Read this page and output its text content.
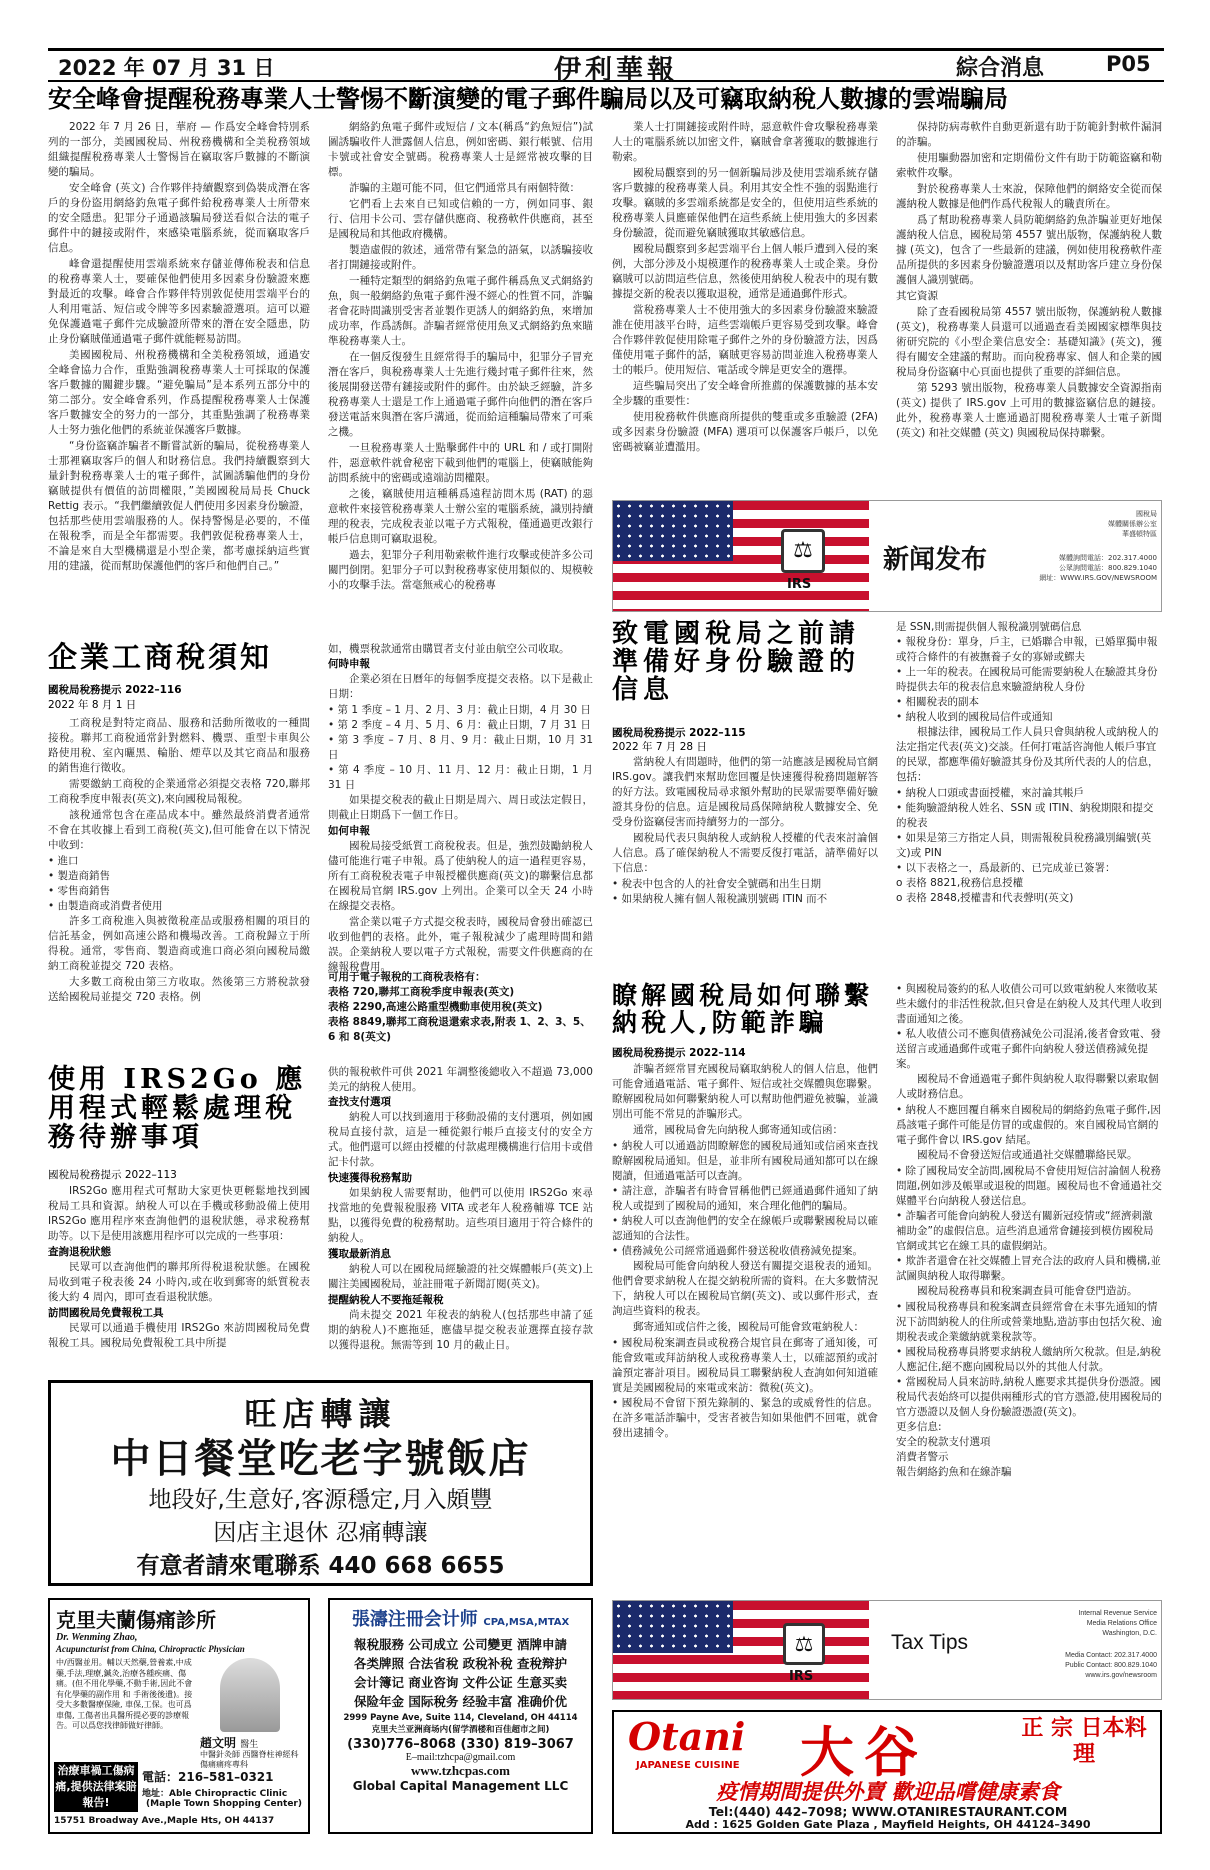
2022 年 07 月 31 日	伊利華報	綜合消息	P05
安全峰會提醒稅務專業人士警惕不斷演變的電子郵件騙局以及可竊取納稅人數據的雲端騙局

2022 年 7 月 26 日，華府 — 作爲安全峰會特別系列的一部分，美國國稅局、州稅務機構和全美稅務領域組織提醒稅務專業人士警惕旨在竊取客戶數據的不斷演變的騙局。

安全峰會 (英文) 合作夥伴持續觀察到偽裝成潛在客戶的身份盜用網絡釣魚電子郵件給稅務專業人士所帶來的安全隱患。犯罪分子通過該騙局發送看似合法的電子郵件中的鏈接或附件，來感染電腦系統，從而竊取客戶信息。

峰會還提醒使用雲端系統來存儲並傳佈稅表和信息的稅務專業人士，要確保他們使用多因素身份驗證來應對最近的攻擊。峰會合作夥伴特別敦促使用雲端平台的人利用電話、短信或令牌等多因素驗證選項。這可以避免保護過電子郵件完成驗證所帶來的潛在安全隱患，防止身份竊賊僅通過電子郵件就能輕易訪問。

美國國稅局、州稅務機構和全美稅務領域，通過安全峰會協力合作，重點強調稅務專業人士可採取的保護客戶數據的關鍵步驟。“避免騙局”是本系列五部分中的第二部分。安全峰會系列，作爲提醒稅務專業人士保護客戶數據安全的努力的一部分，其重點強調了稅務專業人士努力強化他們的系統並保護客戶數據。

“身份盜竊詐騙者不斷嘗試新的騙局，從稅務專業人士那裡竊取客戶的個人和財務信息。我們持續觀察到大量針對稅務專業人士的電子郵件，試圖誘騙他們的身份竊賊提供有價值的訪問權限，”美國國稅局局長 Chuck Rettig 表示。“我們繼續敦促人們使用多因素身份驗證，包括那些使用雲端服務的人。保持警惕是必要的，不僅在報稅季，而是全年都需要。我們敦促稅務專業人士，不論是來自大型機構還是小型企業，都考慮採納這些實用的建議，從而幫助保護他們的客戶和他們自己。”

網絡釣魚電子郵件或短信 / 文本(稱爲“釣魚短信”)試圖誘騙收件人泄露個人信息，例如密碼、銀行帳號、信用卡號或社會安全號碼。稅務專業人士是經常被攻擊的目標。

詐騙的主題可能不同，但它們通常具有兩個特徵：

它們看上去來自已知或信賴的一方，例如同事、銀行、信用卡公司、雲存儲供應商、稅務軟件供應商，甚至是國稅局和其他政府機構。

製造虛假的敘述，通常帶有緊急的語氣，以誘騙接收者打開鏈接或附件。

一種特定類型的網絡釣魚電子郵件稱爲魚叉式網絡釣魚，與一般網絡釣魚電子郵件漫不經心的性質不同，詐騙者會花時間識別受害者並製作更誘人的網絡釣魚，來增加成功率，作爲誘餌。詐騙者經常使用魚叉式網絡釣魚來瞄準稅務專業人士。

在一個反復發生且經常得手的騙局中，犯罪分子冒充潛在客戶，與稅務專業人士先進行幾封電子郵件往來，然後展開發送帶有鏈接或附件的郵件。由於缺乏經驗，許多稅務專業人士還是工作上通過電子郵件向他們的潛在客戶發送電話來與潛在客戶溝通，從而給這種騙局帶來了可乘之機。

一旦稅務專業人士點擊郵件中的 URL 和 / 或打開附件，惡意軟件就會秘密下載到他們的電腦上，使竊賊能夠訪問系統中的密碼或遠端訪問權限。

之後，竊賊使用這種稱爲遠程訪問木馬 (RAT) 的惡意軟件來接管稅務專業人士辦公室的電腦系統，識別持續理的稅表，完成稅表並以電子方式報稅，僅通過更改銀行帳戶信息則可竊取退稅。

過去，犯罪分子利用勒索軟件進行攻擊或使許多公司關門倒閉。犯罪分子可以對稅務專家使用類似的、規模較小的攻擊手法。當毫無戒心的稅務專

業人士打開鏈接或附件時，惡意軟件會攻擊稅務專業人士的電腦系統以加密文件，竊賊會拿著獲取的數據進行勒索。

國稅局觀察到的另一個新騙局涉及使用雲端系統存儲客戶數據的稅務專業人員。利用其安全性不強的弱點進行攻擊。竊賊的多雲端系統都是安全的，但使用這些系統的稅務專業人員應確保他們在這些系統上使用強大的多因素身份驗證，從而避免竊賊獲取其敏感信息。

國稅局觀察到多起雲端平台上個人帳戶遭到入侵的案例，大部分涉及小規模運作的稅務專業人士或企業。身份竊賊可以訪問這些信息，然後使用納稅人稅表中的現有數據提交新的稅表以獲取退稅，通常是通過郵件形式。

當稅務專業人士不使用強大的多因素身份驗證來驗證誰在使用該平台時，這些雲端帳戶更容易受到攻擊。峰會合作夥伴敦促使用除電子郵件之外的身份驗證方法，因爲僅使用電子郵件的話，竊賊更容易訪問並進入稅務專業人士的帳戶。使用短信、電話或令牌是更安全的選擇。

這些騙局突出了安全峰會所推薦的保護數據的基本安全步驟的重要性：

使用稅務軟件供應商所提供的雙重或多重驗證 (2FA) 或多因素身份驗證 (MFA) 選項可以保護客戶帳戶，以免密碼被竊並遭濫用。

保持防病毒軟件自動更新還有助于防範針對軟件漏洞的詐騙。

使用驅動器加密和定期備份文件有助于防範盜竊和勒索軟件攻擊。

對於稅務專業人士來說，保障他們的網絡安全從而保護納稅人數據是他們作爲代稅報人的職責所在。

爲了幫助稅務專業人員防範網絡釣魚詐騙並更好地保護納稅人信息，國稅局第 4557 號出版物，保護納稅人數據 (英文)，包含了一些最新的建議，例如使用稅務軟件產品所提供的多因素身份驗證選項以及幫助客戶建立身份保護個人識別號碼。

其它資源

除了查看國稅局第 4557 號出版物，保護納稅人數據 (英文)，稅務專業人員還可以通過查看美國國家標準與技術研究院的《小型企業信息安全：基礎知識》(英文)，獲得有關安全建議的幫助。而向稅務專家、個人和企業的國稅局身份盜竊中心頁面也提供了重要的詳細信息。

第 5293 號出版物，稅務專業人員數據安全資源指南 (英文) 提供了 IRS.gov 上可用的數據盜竊信息的鏈接。此外，稅務專業人士應通過訂閱稅務專業人士電子新聞 (英文) 和社交媒體 (英文) 與國稅局保持聯繫。

⚖
IRS
新闻发布
國稅局
媒體關係辦公室
華盛頓特區
媒體詢問電話：202.317.4000
公眾詢問電話：800.829.1040
網址：WWW.IRS.GOV/NEWSROOM
企業工商稅須知
國稅局稅務提示 2022–116
2022 年 8 月 1 日

工商稅是對特定商品、服務和活動所徵收的一種間接稅。聯邦工商稅通常針對燃料、機票、重型卡車與公路使用稅、室內曬黑、輪胎、煙草以及其它商品和服務的銷售進行徵收。

需要繳納工商稅的企業通常必須提交表格 720,聯邦工商稅季度申報表(英文),來向國稅局報稅。

該稅通常包含在產品成本中。雖然最終消費者通常不會在其收據上看到工商稅(英文),但可能會在以下情況中收到：

• 進口
• 製造商銷售
• 零售商銷售
• 由製造商或消費者使用

許多工商稅進入與被徵稅產品或服務相關的項目的信託基金，例如高速公路和機場改善。工商稅歸立于所得稅。通常，零售商、製造商或進口商必須向國稅局繳納工商稅並提交 720 表格。

大多數工商稅由第三方收取。然後第三方將稅款發送給國稅局並提交 720 表格。例

如，機票稅款通常由購買者支付並由航空公司收取。
何時申報

企業必須在日曆年的每個季度提交表格。以下是截止日期：

• 第 1 季度 – 1 月、2 月、3 月：截止日期，4 月 30 日
• 第 2 季度 – 4 月、5 月、6 月：截止日期，7 月 31 日
• 第 3 季度 – 7 月、8 月、9 月：截止日期，10 月 31 日
• 第 4 季度 – 10 月、11 月、12 月：截止日期，1 月 31 日

如果提交稅表的截止日期是周六、周日或法定假日，則截止日期爲下一個工作日。

如何申報

國稅局接受紙質工商稅稅表。但是，強烈鼓勵納稅人儘可能進行電子申報。爲了使納稅人的這一過程更容易，所有工商稅稅表電子申報授權供應商(英文)的聯繫信息都在國稅局官網 IRS.gov 上列出。企業可以全天 24 小時在線提交表格。

當企業以電子方式提交稅表時，國稅局會發出確認已收到他們的表格。此外，電子報稅減少了處理時間和錯誤。企業納稅人要以電子方式報稅，需要文件供應商的在線報稅費用。

可用于電子報稅的工商稅表格有：
表格 720,聯邦工商稅季度申報表(英文)
表格 2290,高速公路重型機動車使用稅(英文)
表格 8849,聯邦工商稅退還索求表,附表 1、2、3、5、6 和 8(英文)
致電國稅局之前請準備好身份驗證的信息
國稅局稅務提示 2022–115
2022 年 7 月 28 日

當納稅人有問題時，他們的第一站應該是國稅局官網 IRS.gov。讓我們來幫助您回覆是快速獲得稅務問題解答的好方法。致電國稅局尋求額外幫助的民眾需要準備好驗證其身份的信息。這是國稅局爲保障納稅人數據安全、免受身份盜竊侵害而持續努力的一部分。

國稅局代表只與納稅人或納稅人授權的代表來討論個人信息。爲了確保納稅人不需要反復打電話，請準備好以下信息：

• 稅表中包含的人的社會安全號碼和出生日期
• 如果納稅人擁有個人報稅識別號碼 ITIN 而不
是 SSN,則需提供個人報稅識別號碼信息
• 報稅身份：單身，戶主，已婚聯合申報，已婚單獨申報或符合條件的有被撫養子女的寡婦或鰥夫
• 上一年的稅表。在國稅局可能需要納稅人在驗證其身份時提供去年的稅表信息來驗證納稅人身份
• 相關稅表的副本
• 納稅人收到的國稅局信件或通知

根據法律，國稅局工作人員只會與納稅人或納稅人的法定指定代表(英文)交談。任何打電話咨詢他人帳戶事宜的民眾，都應準備好驗證其身份及其所代表的人的信息，包括：

• 納稅人口頭或書面授權，來討論其帳戶
• 能夠驗證納稅人姓名、SSN 或 ITIN、納稅期限和提交的稅表
• 如果是第三方指定人員，則需報稅員稅務識別編號(英文)或 PIN
• 以下表格之一，爲最新的、已完成並已簽署：
o 表格 8821,稅務信息授權
o 表格 2848,授權書和代表聲明(英文)
瞭解國稅局如何聯繫納稅人,防範詐騙
國稅局稅務提示 2022–114

詐騙者經常冒充國稅局竊取納稅人的個人信息，他們可能會通過電話、電子郵件、短信或社交媒體與您聯繫。瞭解國稅局如何聯繫納稅人可以幫助他們避免被騙，並識別出可能不常見的詐騙形式。

通常，國稅局會先向納稅人郵寄通知或信函：

• 納稅人可以通過訪問瞭解您的國稅局通知或信函來查找瞭解國稅局通知。但是，並非所有國稅局通知都可以在線閱讀，但通過電話可以查詢。
• 請注意，詐騙者有時會冒稱他們已經通過郵件通知了納稅人或提到了國稅局的通知，來合理化他們的騙局。
• 納稅人可以查詢他們的安全在線帳戶或聯繫國稅局以確認通知的合法性。
• 債務減免公司經常通過郵件發送稅收債務減免提案。

國稅局可能會向納稅人發送有關提交退稅表的通知。他們會要求納稅人在提交納稅所需的資料。在大多數情況下，納稅人可以在國稅局官網(英文)、或以郵件形式，查詢這些資料的稅表。

郵寄通知或信件之後，國稅局可能會致電納稅人：

• 國稅局稅案調查員或稅務合規官員在郵寄了通知後，可能會致電或拜訪納稅人或稅務專業人士，以確認預約或討論預定審計項目。國稅局員工聯繫納稅人查詢如何知道確實是美國國稅局的來電或來訪：微稅(英文)。
• 國稅局不會留下預先錄制的、緊急的或威脅性的信息。在許多電話詐騙中，受害者被告知如果他們不回電，就會發出逮捕令。
• 與國稅局簽約的私人收債公司可以致電納稅人來徵收某些未繳付的非活性稅款,但只會是在納稅人及其代理人收到書面通知之後。
• 私人收債公司不應與債務減免公司混淆,後者會致電、發送留言或通過郵件或電子郵件向納稅人發送債務減免提案。

國稅局不會通過電子郵件與納稅人取得聯繫以索取個人或財務信息。

• 納稅人不應回覆自稱來自國稅局的網絡釣魚電子郵件,因爲該電子郵件可能是仿冒的或虛假的。來自國稅局官網的電子郵件會以 IRS.gov 結尾。

國稅局不會發送短信或通過社交媒體聯絡民眾。

• 除了國稅局安全訪問,國稅局不會使用短信討論個人稅務問題,例如涉及帳單或退稅的問題。國稅局也不會通過社交媒體平台向納稅人發送信息。
• 詐騙者可能會向納稅人發送有關新冠疫情或“經濟刺激補助金”的虛假信息。這些消息通常會鏈接到模仿國稅局官網或其它在線工具的虛假網站。
• 欺詐者還會在社交媒體上冒充合法的政府人員和機構,並試圖與納稅人取得聯繫。

國稅局稅務專員和稅案調查員可能會登門造訪。

• 國稅局稅務專員和稅案調查員經常會在未事先通知的情況下訪問納稅人的住所或營業地點,造訪事由包括欠稅、逾期稅表或企業繳納就業稅款等。
• 國稅局稅務專員將要求納稅人繳納所欠稅款。但是,納稅人應記住,絕不應向國稅局以外的其他人付款。
• 當國稅局人員來訪時,納稅人應要求其提供身份憑證。國稅局代表始終可以提供兩種形式的官方憑證,使用國稅局的官方憑證以及個人身份驗證憑證(英文)。
更多信息:
安全的稅款支付選項
消費者警示
報告網絡釣魚和在線詐騙
⚖
IRS
Tax Tips
Internal Revenue Service
Media Relations Office
Washington, D.C.
Media Contact: 202.317.4000
Public Contact: 800.829.1040
www.irs.gov/newsroom
使用 IRS2Go 應用程式輕鬆處理稅務待辦事項
國稅局稅務提示 2022–113

IRS2Go 應用程式可幫助大家更快更輕鬆地找到國稅局工具和資源。納稅人可以在手機或移動設備上使用 IRS2Go 應用程序來查詢他們的退稅狀態，尋求稅務幫助等。以下是使用該應用程序可以完成的一些事項：

查詢退稅狀態

民眾可以查詢他們的聯邦所得稅退稅狀態。在國稅局收到電子稅表後 24 小時內,或在收到郵寄的紙質稅表後大約 4 周內，即可查看退稅狀態。

訪問國稅局免費報稅工具

民眾可以通過手機使用 IRS2Go 來訪問國稅局免費報稅工具。國稅局免費報稅工具中所提

供的報稅軟件可供 2021 年調整後總收入不超過 73,000 美元的納稅人使用。
查找支付選項

納稅人可以找到適用于移動設備的支付選項，例如國稅局直接付款，這是一種從銀行帳戶直接支付的安全方式。他們還可以經由授權的付款處理機構進行信用卡或借記卡付款。

快速獲得稅務幫助

如果納稅人需要幫助，他們可以使用 IRS2Go 來尋找當地的免費報稅服務 VITA 或老年人稅務輔導 TCE 站點，以獲得免費的稅務幫助。這些項目適用于符合條件的納稅人。

獲取最新消息

納稅人可以在國稅局經驗證的社交媒體帳戶(英文)上關注美國國稅局，並註冊電子新聞訂閱(英文)。

提醒納稅人不要拖延報稅

尚未提交 2021 年稅表的納稅人(包括那些申請了延期的納稅人)不應拖延，應儘早提交稅表並選擇直接存款以獲得退稅。無需等到 10 月的截止日。

旺店轉讓
中日餐堂吃老字號飯店
地段好,生意好,客源穩定,月入頗豐
因店主退休 忍痛轉讓
有意者請來電聯系 440 668 6655
克里夫蘭傷痛診所
Dr. Wenming Zhao,
Acupuncturist from China, Chiropractic Physician
中/西醫並用。輔以天然藥,營養素,中成藥,手法,理療,鍼灸,治療各種疾痛、傷痛。(但不用化學藥,不動手術,因此不會有化學藥的副作用 和 手術後後遺)。接受大多數醫療保險, 車保,工保。也可爲車傷, 工傷者出具醫所提必要的診療報告。可以爲您找律師做好律師。
趙文明 醫生
中醫針灸師 西醫脊柱神經科 傷痛痛疼專科
治療車禍工傷病痛,提供法律案賠報告!
電話：216–581–0321
地址：Able Chiropractic Clinic
(Maple Town Shopping Center)
15751 Broadway Ave.,Maple Hts, OH 44137
張濤注冊会计师 CPA,MSA,MTAX
報稅服務 公司成立 公司變更 酒牌申請
各类牌照 合法省稅 政稅补稅 查稅辩护
会计簿记 商业咨询 文件公证 生意买卖
保险年金 国际稅务 经验丰富 准确价优
2999 Payne Ave, Suite 114, Cleveland, OH 44114
克里夫兰亚洲商场内(留学酒楼和百佳超市之间)
(330)776–8068 (330) 819–3067
E–mail:tzhcpa@gmail.com
www.tzhcpas.com
Global Capital Management LLC
Otani
JAPANESE CUISINE 大谷	正 宗 日本料理
疫情期間提供外賣 歡迎品嚐健康素食
Tel:(440) 442–7098; WWW.OTANIRESTAURANT.COM
Add : 1625 Golden Gate Plaza , Mayfield Heights, OH 44124–3490
